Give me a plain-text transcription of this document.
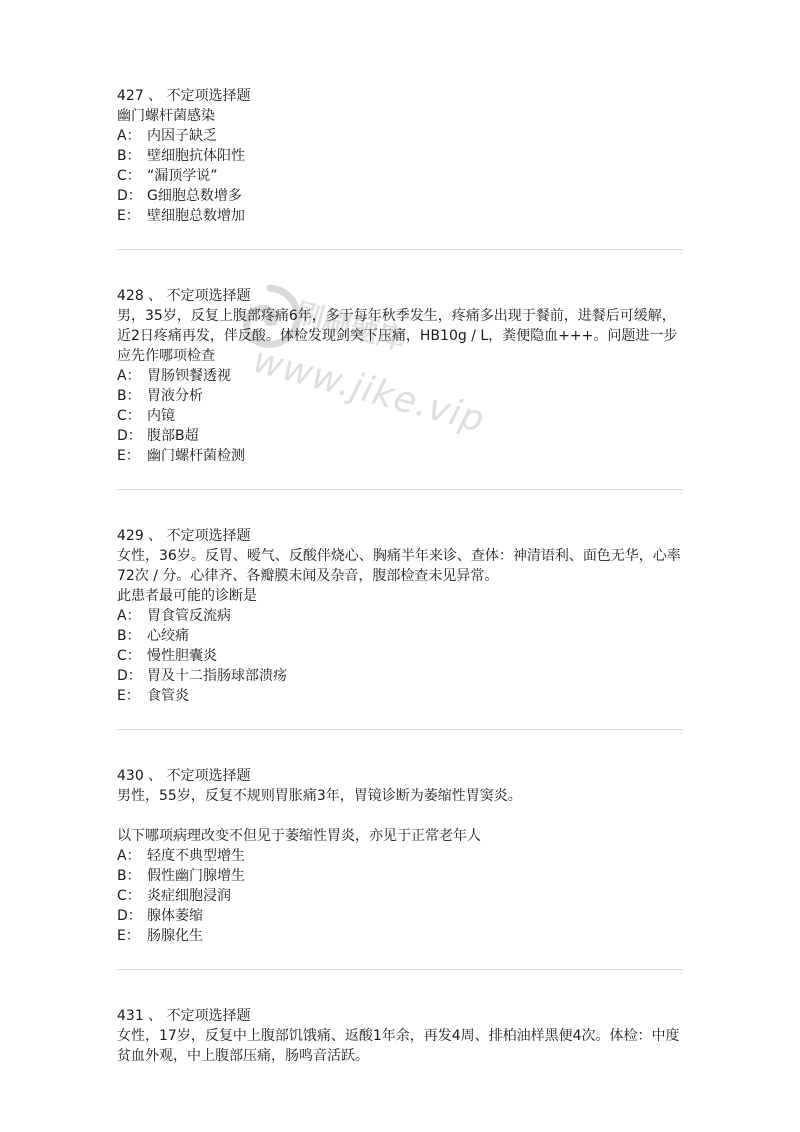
刷刷题库
www.jike.vip
427 、 不定项选择题
幽门螺杆菌感染
A： 内因子缺乏
B： 壁细胞抗体阳性
C： “漏顶学说”
D： G细胞总数增多
E： 壁细胞总数增加
428 、 不定项选择题
男，35岁，反复上腹部疼痛6年，多于每年秋季发生，疼痛多出现于餐前，进餐后可缓解，近2日疼痛再发，伴反酸。体检发现剑突下压痛，HB10g / L，粪便隐血+++。问题进一步应先作哪项检查
A： 胃肠钡餐透视
B： 胃液分析
C： 内镜
D： 腹部B超
E： 幽门螺杆菌检测
429 、 不定项选择题
女性，36岁。反胃、嗳气、反酸伴烧心、胸痛半年来诊、查体：神清语利、面色无华，心率72次 / 分。心律齐、各瓣膜未闻及杂音，腹部检查未见异常。
此患者最可能的诊断是
A： 胃食管反流病
B： 心绞痛
C： 慢性胆囊炎
D： 胃及十二指肠球部溃疡
E： 食管炎
430 、 不定项选择题
男性，55岁，反复不规则胃胀痛3年，胃镜诊断为萎缩性胃窦炎。
以下哪项病理改变不但见于萎缩性胃炎，亦见于正常老年人
A： 轻度不典型增生
B： 假性幽门腺增生
C： 炎症细胞浸润
D： 腺体萎缩
E： 肠腺化生
431 、 不定项选择题
女性，17岁，反复中上腹部饥饿痛、返酸1年余，再发4周、排柏油样黑便4次。体检：中度贫血外观，中上腹部压痛，肠鸣音活跃。
